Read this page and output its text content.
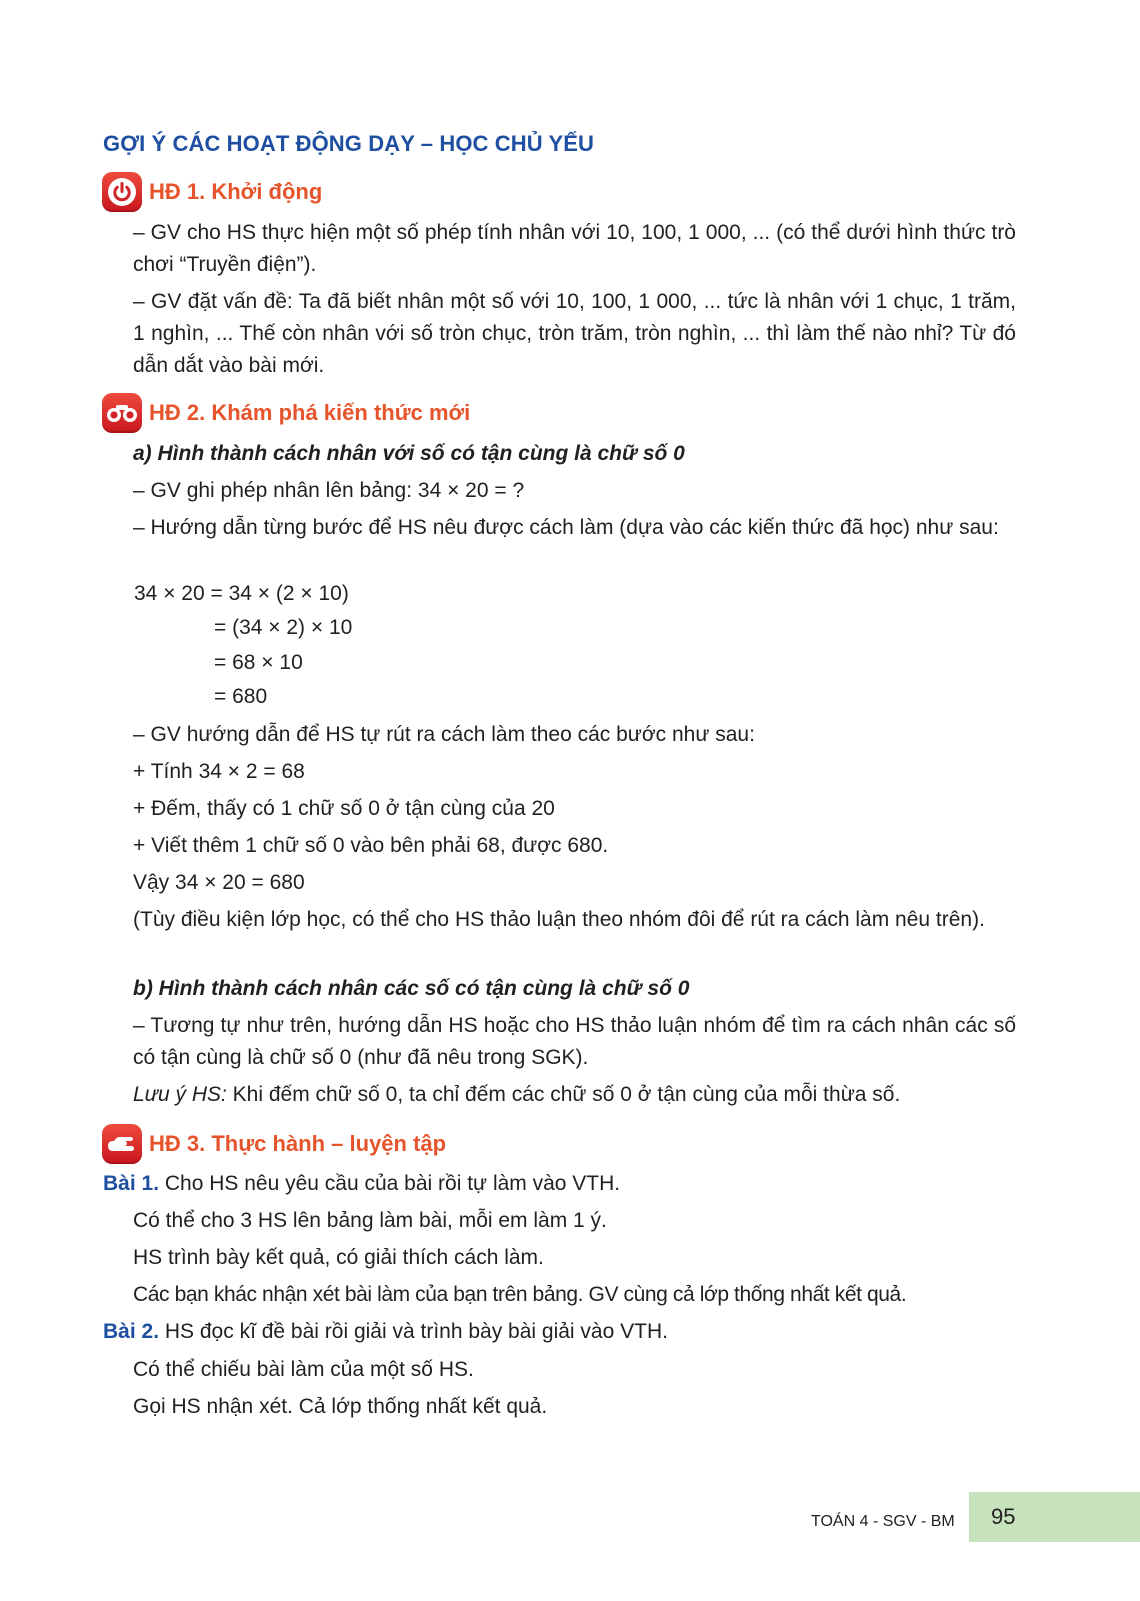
GỢI Ý CÁC HOẠT ĐỘNG DẠY – HỌC CHỦ YẾU
HĐ 1. Khởi động

– GV cho HS thực hiện một số phép tính nhân với 10, 100, 1 000, ... (có thể dưới hình thức trò chơi “Truyền điện”).

– GV đặt vấn đề: Ta đã biết nhân một số với 10, 100, 1 000, ... tức là nhân với 1 chục, 1 trăm, 1 nghìn, ... Thế còn nhân với số tròn chục, tròn trăm, tròn nghìn, ... thì làm thế nào nhỉ? Từ đó dẫn dắt vào bài mới.

HĐ 2. Khám phá kiến thức mới

a) Hình thành cách nhân với số có tận cùng là chữ số 0

– GV ghi phép nhân lên bảng: 34 × 20 = ?

– Hướng dẫn từng bước để HS nêu được cách làm (dựa vào các kiến thức đã học) như sau:

34 × 20 = 34 × (2 × 10)

= (34 × 2) × 10

= 68 × 10

= 680

– GV hướng dẫn để HS tự rút ra cách làm theo các bước như sau:

+ Tính 34 × 2 = 68

+ Đếm, thấy có 1 chữ số 0 ở tận cùng của 20

+ Viết thêm 1 chữ số 0 vào bên phải 68, được 680.

Vậy 34 × 20 = 680

(Tùy điều kiện lớp học, có thể cho HS thảo luận theo nhóm đôi để rút ra cách làm nêu trên).

b) Hình thành cách nhân các số có tận cùng là chữ số 0

– Tương tự như trên, hướng dẫn HS hoặc cho HS thảo luận nhóm để tìm ra cách nhân các số có tận cùng là chữ số 0 (như đã nêu trong SGK).

Lưu ý HS: Khi đếm chữ số 0, ta chỉ đếm các chữ số 0 ở tận cùng của mỗi thừa số.

HĐ 3. Thực hành – luyện tập

Bài 1. Cho HS nêu yêu cầu của bài rồi tự làm vào VTH.

Có thể cho 3 HS lên bảng làm bài, mỗi em làm 1 ý.

HS trình bày kết quả, có giải thích cách làm.

Các bạn khác nhận xét bài làm của bạn trên bảng. GV cùng cả lớp thống nhất kết quả.

Bài 2. HS đọc kĩ đề bài rồi giải và trình bày bài giải vào VTH.

Có thể chiếu bài làm của một số HS.

Gọi HS nhận xét. Cả lớp thống nhất kết quả.

TOÁN 4 - SGV - BM 95
